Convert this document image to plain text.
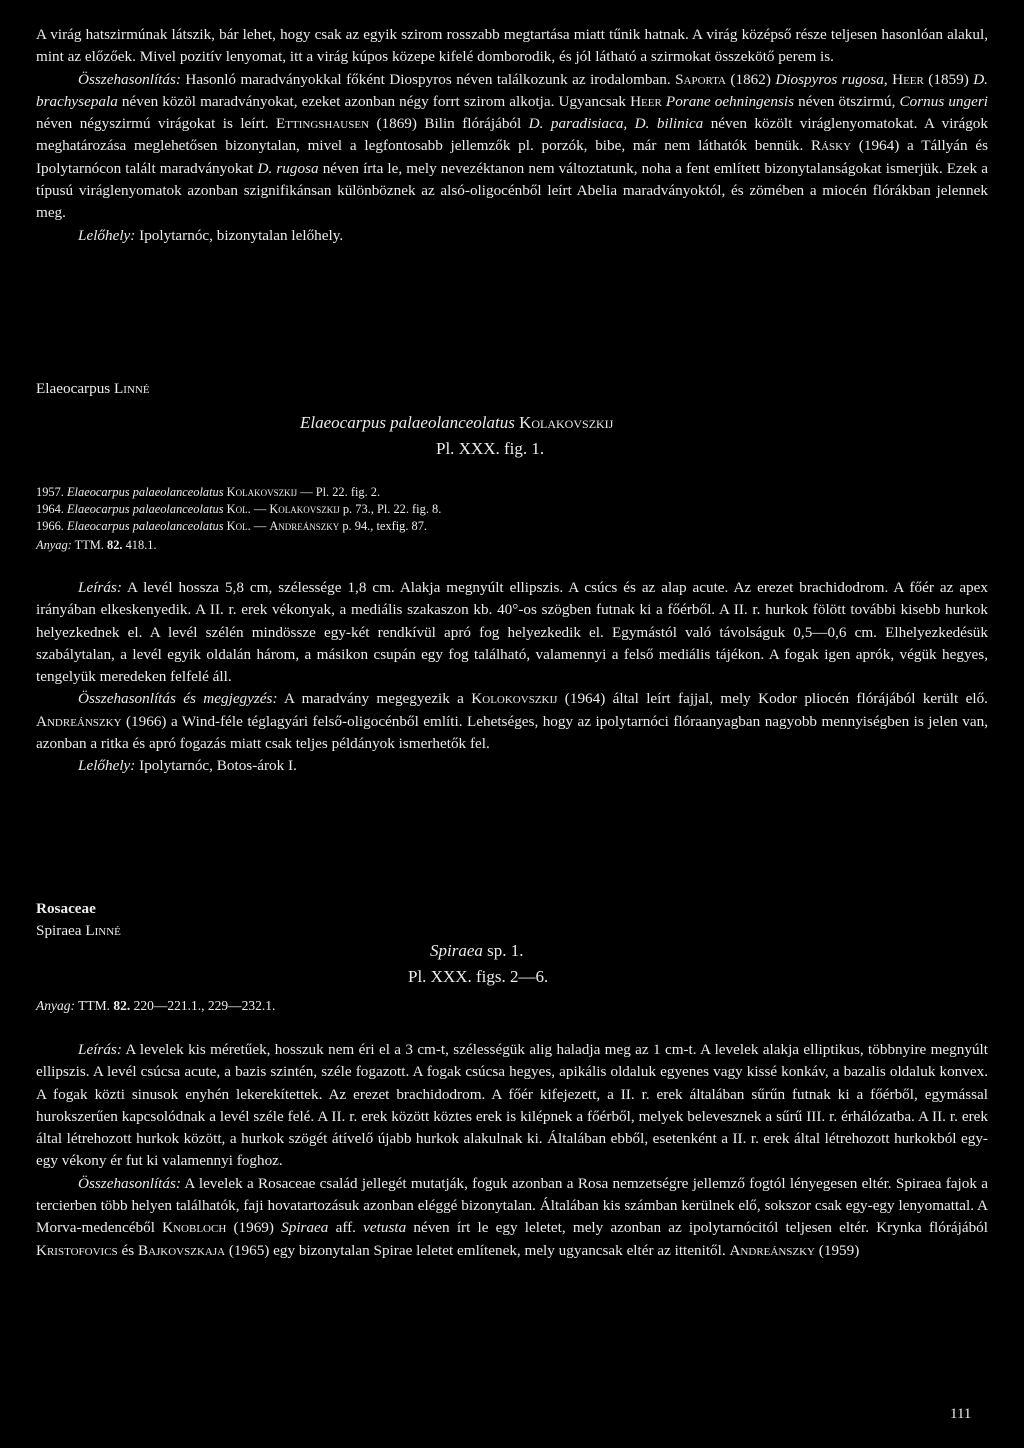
A virág hatszirmúnak látszik, bár lehet, hogy csak az egyik szirom rosszabb megtartása miatt tűnik hatnak. A virág középső része teljesen hasonlóan alakul, mint az előzőek. Mivel pozitív lenyomat, itt a virág kúpos közepe kifelé domborodik, és jól látható a szirmokat összekötő perem is.

Összehasonlítás: Hasonló maradványokkal főként Diospyros néven találkozunk az irodalomban. Saporta (1862) Diospyros rugosa, Heer (1859) D. brachysepala néven közöl maradványokat, ezeket azonban négy forrt szirom alkotja. Ugyancsak Heer Porane oehningensis néven ötszirmú, Cornus ungeri néven négyszirmú virágokat is leírt. Ettingshausen (1869) Bilin flórájából D. paradisiaca, D. bilinica néven közölt viráglenyomatokat. A virágok meghatározása meglehetősen bizonytalan, mivel a legfontosabb jellemzők pl. porzók, bibe, már nem láthatók bennük. Rásky (1964) a Tállyán és Ipolytarnócon talált maradványokat D. rugosa néven írta le, mely nevezéktanon nem változtatunk, noha a fent említett bizonytalanságokat ismerjük. Ezek a típusú viráglenyomatok azonban szignifikánsan különböznek az alsó-oligocénből leírt Abelia maradványoktól, és zömében a miocén flórákban jelennek meg.

Lelőhely: Ipolytarnóc, bizonytalan lelőhely.

Elaeocarpus Linné
Elaeocarpus palaeolanceolatus Kolakovszkij
Pl. XXX. fig. 1.

1957. Elaeocarpus palaeolanceolatus Kolakovszkij — Pl. 22. fig. 2.

1964. Elaeocarpus palaeolanceolatus Kol. — Kolakovszkij p. 73., Pl. 22. fig. 8.

1966. Elaeocarpus palaeolanceolatus Kol. — Andreánszky p. 94., texfig. 87.

Anyag: TTM. 82. 418.1.

Leírás: A levél hossza 5,8 cm, szélessége 1,8 cm. Alakja megnyúlt ellipszis. A csúcs és az alap acute. Az erezet brachidodrom. A főér az apex irányában elkeskenyedik. A II. r. erek vékonyak, a mediális szakaszon kb. 40°-os szögben futnak ki a főérből. A II. r. hurkok fölött további kisebb hurkok helyezkednek el. A levél szélén mindössze egy-két rendkívül apró fog helyezkedik el. Egymástól való távolságuk 0,5—0,6 cm. Elhelyezkedésük szabálytalan, a levél egyik oldalán három, a másikon csupán egy fog található, valamennyi a felső mediális tájékon. A fogak igen aprók, végük hegyes, tengelyük meredeken felfelé áll.

Összehasonlítás és megjegyzés: A maradvány megegyezik a Kolokovszkij (1964) által leírt fajjal, mely Kodor pliocén flórájából került elő. Andreánszky (1966) a Wind-féle téglagyári felső-oligocénből említi. Lehetséges, hogy az ipolytarnóci flóraanyagban nagyobb mennyiségben is jelen van, azonban a ritka és apró fogazás miatt csak teljes példányok ismerhetők fel.

Lelőhely: Ipolytarnóc, Botos-árok I.

Rosaceae
Spiraea Linné
Spiraea sp. 1.
Pl. XXX. figs. 2—6.
Anyag: TTM. 82. 220—221.1., 229—232.1.

Leírás: A levelek kis méretűek, hosszuk nem éri el a 3 cm-t, szélességük alig haladja meg az 1 cm-t. A levelek alakja elliptikus, többnyire megnyúlt ellipszis. A levél csúcsa acute, a bazis szintén, széle fogazott. A fogak csúcsa hegyes, apikális oldaluk egyenes vagy kissé konkáv, a bazalis oldaluk konvex. A fogak közti sinusok enyhén lekerekítettek. Az erezet brachidodrom. A főér kifejezett, a II. r. erek általában sűrűn futnak ki a főérből, egymással hurokszerűen kapcsolódnak a levél széle felé. A II. r. erek között köztes erek is kilépnek a főérből, melyek belevesznek a sűrű III. r. érhálózatba. A II. r. erek által létrehozott hurkok között, a hurkok szögét átívelő újabb hurkok alakulnak ki. Általában ebből, esetenként a II. r. erek által létrehozott hurkokból egy-egy vékony ér fut ki valamennyi foghoz.

Összehasonlítás: A levelek a Rosaceae család jellegét mutatják, foguk azonban a Rosa nemzetségre jellemző fogtól lényegesen eltér. Spiraea fajok a tercierben több helyen találhatók, faji hovatartozásuk azonban eléggé bizonytalan. Általában kis számban kerülnek elő, sokszor csak egy-egy lenyomattal. A Morva-medencéből Knobloch (1969) Spiraea aff. vetusta néven írt le egy leletet, mely azonban az ipolytarnócitól teljesen eltér. Krynka flórájából Kristofovics és Bajkovszkaja (1965) egy bizonytalan Spirae leletet említenek, mely ugyancsak eltér az ittenitől. Andreánszky (1959)

111
